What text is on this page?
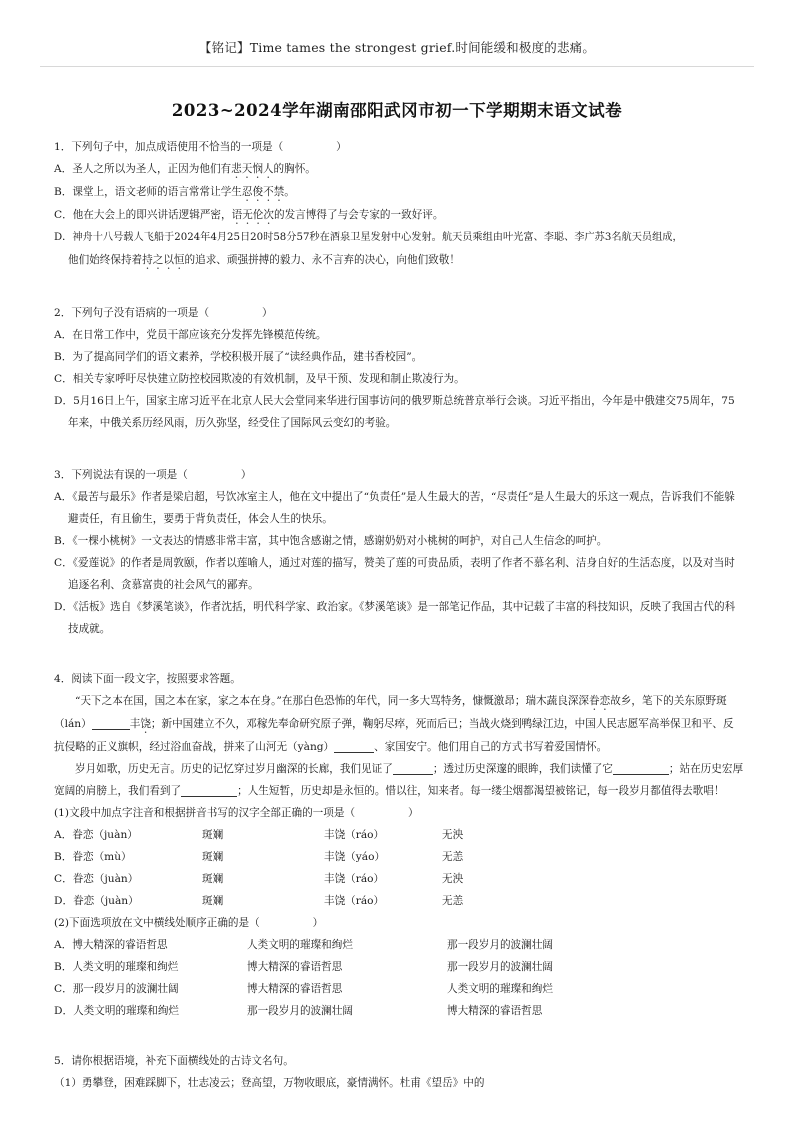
【铭记】Time tames the strongest grief.时间能缓和极度的悲痛。
2023~2024学年湖南邵阳武冈市初一下学期期末语文试卷
1．下列句子中，加点成语使用不恰当的一项是（　　　　　）
A．圣人之所以为圣人，正因为他们有悲天悯人的胸怀。
B．课堂上，语文老师的语言常常让学生忍俊不禁。
C．他在大会上的即兴讲话逻辑严密，语无伦次的发言博得了与会专家的一致好评。
D．神舟十八号载人飞船于2024年4月25日20时58分57秒在酒泉卫星发射中心发射。航天员乘组由叶光富、李聪、李广苏3名航天员组成，
他们始终保持着持之以恒的追求、顽强拼搏的毅力、永不言弃的决心，向他们致敬！
2．下列句子没有语病的一项是（　　　　　）
A．在日常工作中，党员干部应该充分发挥先锋模范传统。
B．为了提高同学们的语文素养，学校积极开展了“读经典作品，建书香校园”。
C．相关专家呼吁尽快建立防控校园欺凌的有效机制，及早干预、发现和制止欺凌行为。
D．5月16日上午，国家主席习近平在北京人民大会堂同来华进行国事访问的俄罗斯总统普京举行会谈。习近平指出，今年是中俄建交75周年，75年来，中俄关系历经风雨，历久弥坚，经受住了国际风云变幻的考验。
3．下列说法有误的一项是（　　　　　）
A．《最苦与最乐》作者是梁启超，号饮冰室主人，他在文中提出了“负责任”是人生最大的苦，“尽责任”是人生最大的乐这一观点，告诉我们不能躲避责任，有且偷生，要勇于背负责任，体会人生的快乐。
B．《一棵小桃树》一文表达的情感非常丰富，其中饱含感谢之情，感谢奶奶对小桃树的呵护，对自己人生信念的呵护。
C．《爱莲说》的作者是周敦颐，作者以莲喻人，通过对莲的描写，赞美了莲的可贵品质，表明了作者不慕名利、洁身自好的生活态度，以及对当时追逐名利、贪慕富贵的社会风气的鄙弃。
D．《活板》选自《梦溪笔谈》，作者沈括，明代科学家、政治家。《梦溪笔谈》是一部笔记作品，其中记载了丰富的科技知识，反映了我国古代的科技成就。
4．阅读下面一段文字，按照要求答题。
“天下之本在国，国之本在家，家之本在身。”在那白色恐怖的年代，同一多大骂特务，慷慨激昂；瑞木蔬良深深眷恋故乡，笔下的关东原野斑（lán）	丰饶；新中国建立不久，邓稼先奉命研究原子弹，鞠躬尽瘁，死而后已；当战火烧到鸭绿江边，中国人民志愿军高举保卫和平、反抗侵略的正义旗帜，经过浴血奋战，拼来了山河无（yàng）	、家国安宁。他们用自己的方式书写着爱国情怀。
岁月如歌，历史无言。历史的记忆穿过岁月幽深的长廊，我们见证了	；透过历史深邃的眼眸，我们读懂了它	；站在历史宏厚宽阔的肩膀上，我们看到了	；人生短暂，历史却是永恒的。惜以往，知来者。每一缕尘烟都渴望被铭记，每一段岁月都值得去歌唱！
(1)文段中加点字注音和根据拼音书写的汉字全部正确的一项是（　　　　　）
A．眷恋（juàn）	斑斓	丰饶（ráo）	无泱
B．眷恋（mù）	斑斓	丰饶（yáo）	无恙
C．眷恋（juàn）	斑斓	丰饶（ráo）	无泱
D．眷恋（juàn）	斑斓	丰饶（ráo）	无恙
(2)下面选项放在文中横线处顺序正确的是（　　　　　）
A．博大精深的睿语哲思	人类文明的璀璨和绚烂	那一段岁月的波澜壮阔
B．人类文明的璀璨和绚烂	博大精深的睿语哲思	那一段岁月的波澜壮阔
C．那一段岁月的波澜壮阔	博大精深的睿语哲思	人类文明的璀璨和绚烂
D．人类文明的璀璨和绚烂	那一段岁月的波澜壮阔	博大精深的睿语哲思
5．请你根据语境，补充下面横线处的古诗文名句。
（1）勇攀登，困难踩脚下，壮志凌云；登高望，万物收眼底，豪情满怀。杜甫《望岳》中的
